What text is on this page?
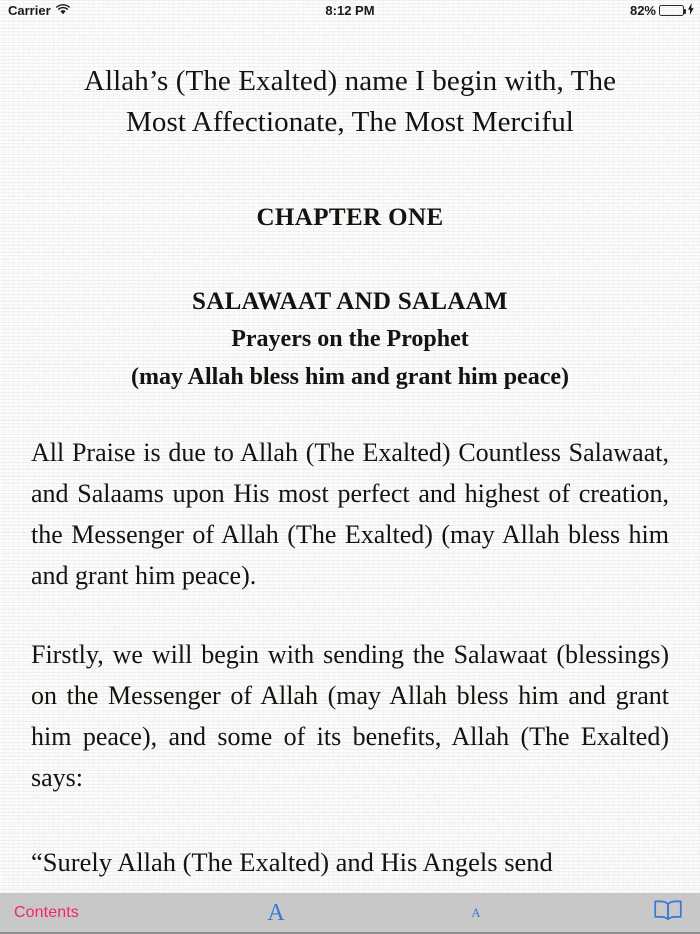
Carrier	8:12 PM	82%
Allah’s (The Exalted) name I begin with, The
Most Affectionate, The Most Merciful
CHAPTER ONE
SALAWAAT AND SALAAM
Prayers on the Prophet
(may Allah bless him and grant him peace)

All Praise is due to Allah (The Exalted) Countless Salawaat, and Salaams upon His most perfect and highest of creation, the Messenger of Allah (The Exalted) (may Allah bless him and grant him peace).

Firstly, we will begin with sending the Salawaat (blessings) on the Messenger of Allah (may Allah bless him and grant him peace), and some of its benefits, Allah (The Exalted) says:

“Surely Allah (The Exalted) and His Angels send

Contents	A	A
